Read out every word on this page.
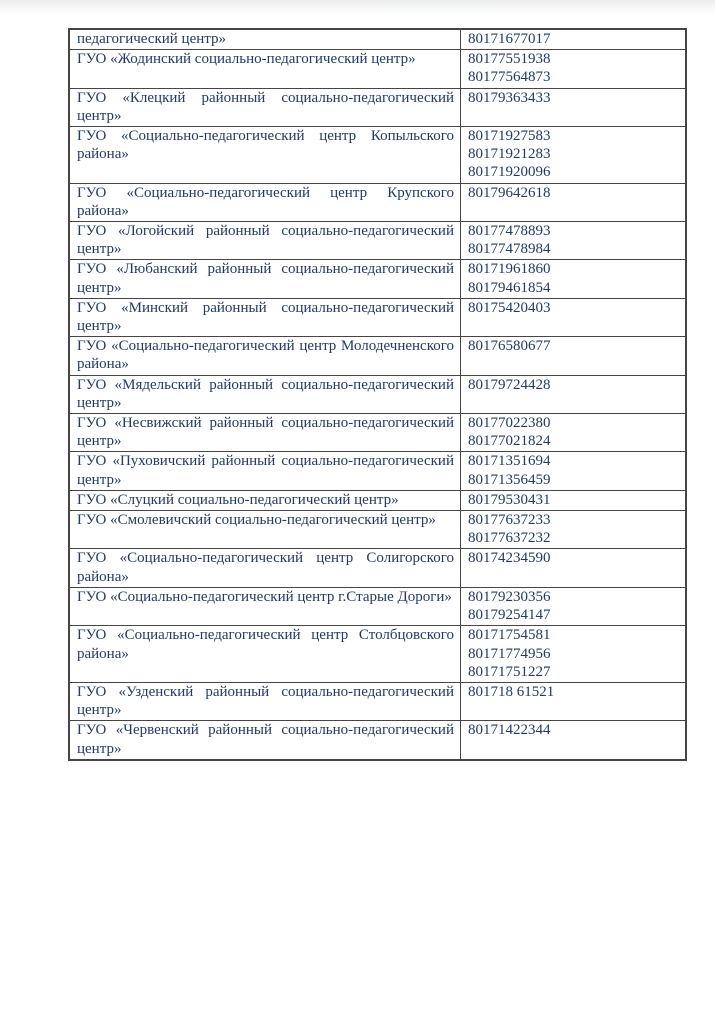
педагогический центр»	80171677017

ГУО «Жодинский социально-педагогический центр»	80177551938
80177564873

ГУО «Клецкий районный социально-педагогический центр»	80179363433

ГУО «Социально-педагогический центр Копыльского района»	80171927583
80171921283
80171920096

ГУО «Социально-педагогический центр Крупского района»	80179642618

ГУО «Логойский районный социально-педагогический центр»	80177478893
80177478984

ГУО «Любанский районный социально-педагогический центр»	80171961860
80179461854

ГУО «Минский районный социально-педагогический центр»	80175420403

ГУО «Социально-педагогический центр Молодечненского района»	80176580677

ГУО «Мядельский районный социально-педагогический центр»	80179724428

ГУО «Несвижский районный социально-педагогический центр»	80177022380
80177021824

ГУО «Пуховичский районный социально-педагогический центр»	80171351694
80171356459

ГУО «Слуцкий социально-педагогический центр»	80179530431

ГУО «Смолевичский социально-педагогический центр»	80177637233
80177637232

ГУО «Социально-педагогический центр Солигорского района»	80174234590

ГУО «Социально-педагогический центр г.Старые Дороги»	80179230356
80179254147

ГУО «Социально-педагогический центр Столбцовского района»	80171754581
80171774956
80171751227

ГУО «Узденский районный социально-педагогический центр»	801718 61521

ГУО «Червенский районный социально-педагогический центр»	80171422344
